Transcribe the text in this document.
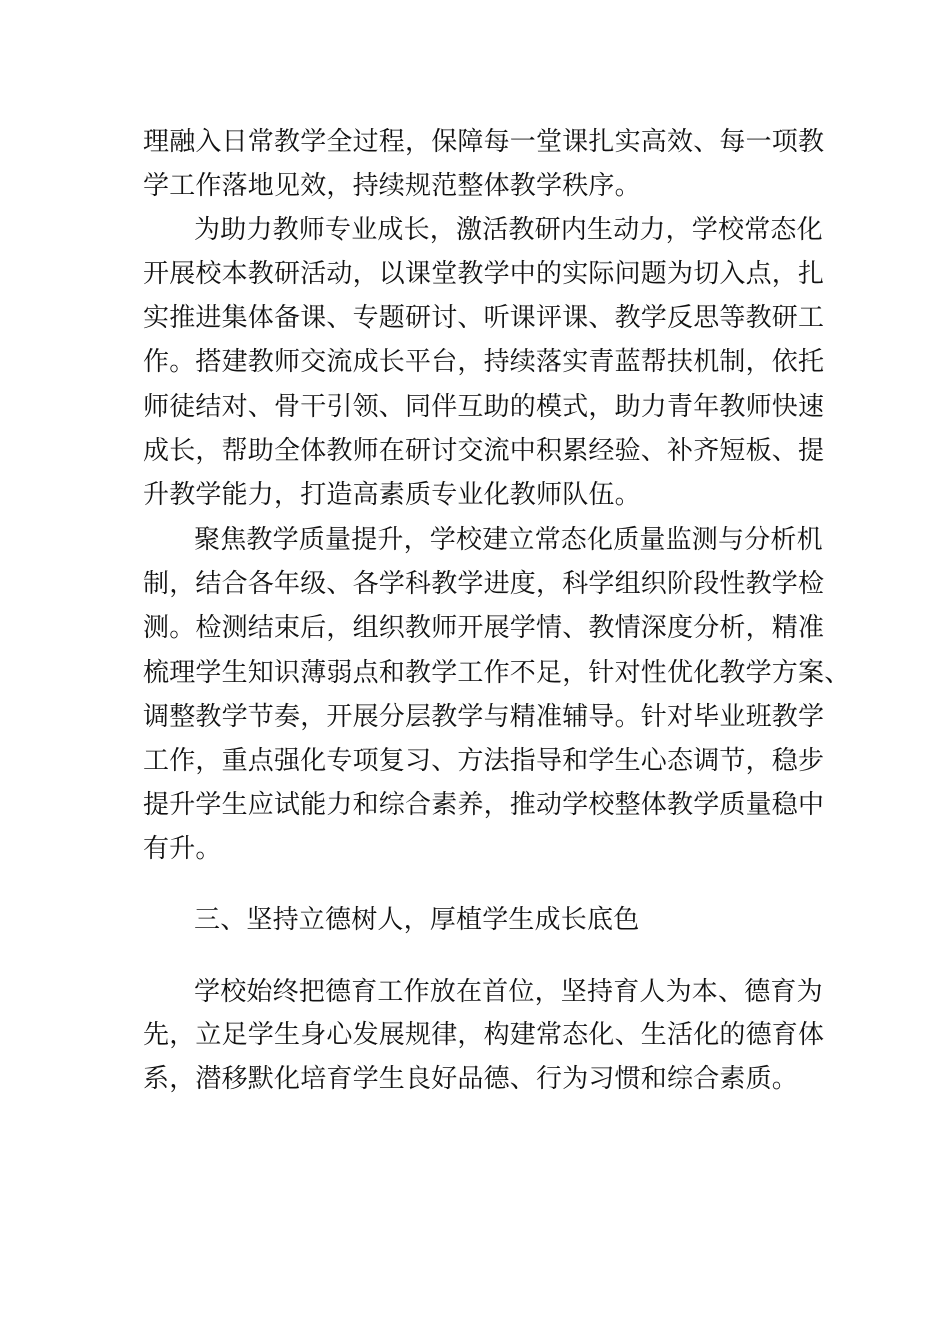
理融入日常教学全过程，保障每一堂课扎实高效、每一项教
学工作落地见效，持续规范整体教学秩序。
为助力教师专业成长，激活教研内生动力，学校常态化
开展校本教研活动，以课堂教学中的实际问题为切入点，扎
实推进集体备课、专题研讨、听课评课、教学反思等教研工
作。搭建教师交流成长平台，持续落实青蓝帮扶机制，依托
师徒结对、骨干引领、同伴互助的模式，助力青年教师快速
成长，帮助全体教师在研讨交流中积累经验、补齐短板、提
升教学能力，打造高素质专业化教师队伍。
聚焦教学质量提升，学校建立常态化质量监测与分析机
制，结合各年级、各学科教学进度，科学组织阶段性教学检
测。检测结束后，组织教师开展学情、教情深度分析，精准
梳理学生知识薄弱点和教学工作不足，针对性优化教学方案、
调整教学节奏，开展分层教学与精准辅导。针对毕业班教学
工作，重点强化专项复习、方法指导和学生心态调节，稳步
提升学生应试能力和综合素养，推动学校整体教学质量稳中
有升。
三、坚持立德树人，厚植学生成长底色
学校始终把德育工作放在首位，坚持育人为本、德育为
先，立足学生身心发展规律，构建常态化、生活化的德育体
系，潜移默化培育学生良好品德、行为习惯和综合素质。
